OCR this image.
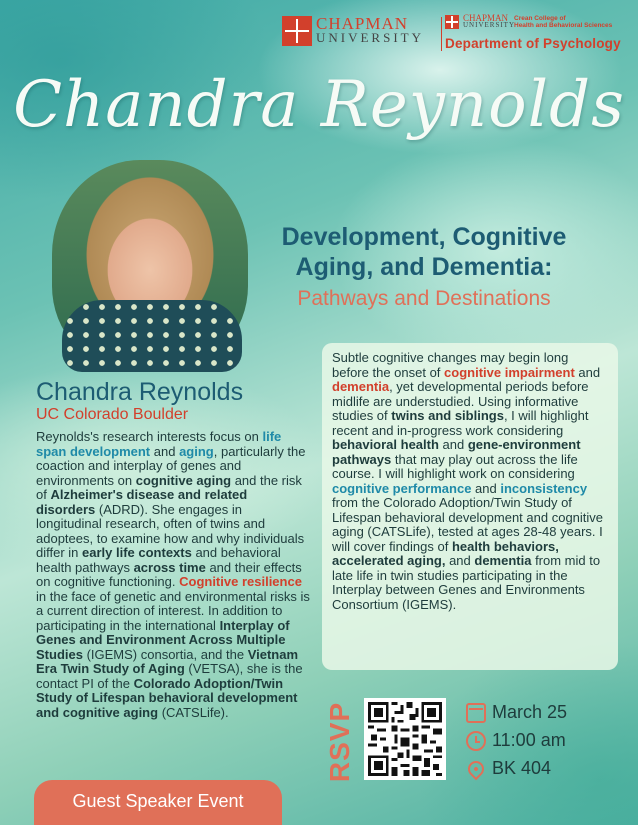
CHAPMAN
UNIVERSITY
CHAPMAN
UNIVERSITY
Crean College of
Health and Behavioral Sciences
Department of Psychology
Chandra Reynolds
Development, Cognitive
Aging, and Dementia:
Pathways and Destinations
Chandra Reynolds
UC Colorado Boulder
Reynolds's research interests focus on life span development and aging, particularly the coaction and interplay of genes and environments on cognitive aging and the risk of Alzheimer's disease and related disorders (ADRD). She engages in longitudinal research, often of twins and adoptees, to examine how and why individuals differ in early life contexts and behavioral health pathways across time and their effects on cognitive functioning. Cognitive resilience in the face of genetic and environmental risks is a current direction of interest. In addition to participating in the international Interplay of Genes and Environment Across Multiple Studies (IGEMS) consortia, and the Vietnam Era Twin Study of Aging (VETSA), she is the contact PI of the Colorado Adoption/Twin Study of Lifespan behavioral development and cognitive aging (CATSLife).
Subtle cognitive changes may begin long before the onset of cognitive impairment and dementia, yet developmental periods before midlife are understudied. Using informative studies of twins and siblings, I will highlight recent and in-progress work considering behavioral health and gene-environment pathways that may play out across the life course. I will highlight work on considering cognitive performance and inconsistency from the Colorado Adoption/Twin Study of Lifespan behavioral development and cognitive aging (CATSLife), tested at ages 28-48 years. I will cover findings of health behaviors, accelerated aging, and dementia from mid to late life in twin studies participating in the Interplay between Genes and Environments Consortium (IGEMS).
RSVP	March 25
11:00 am
BK 404
Guest Speaker Event
